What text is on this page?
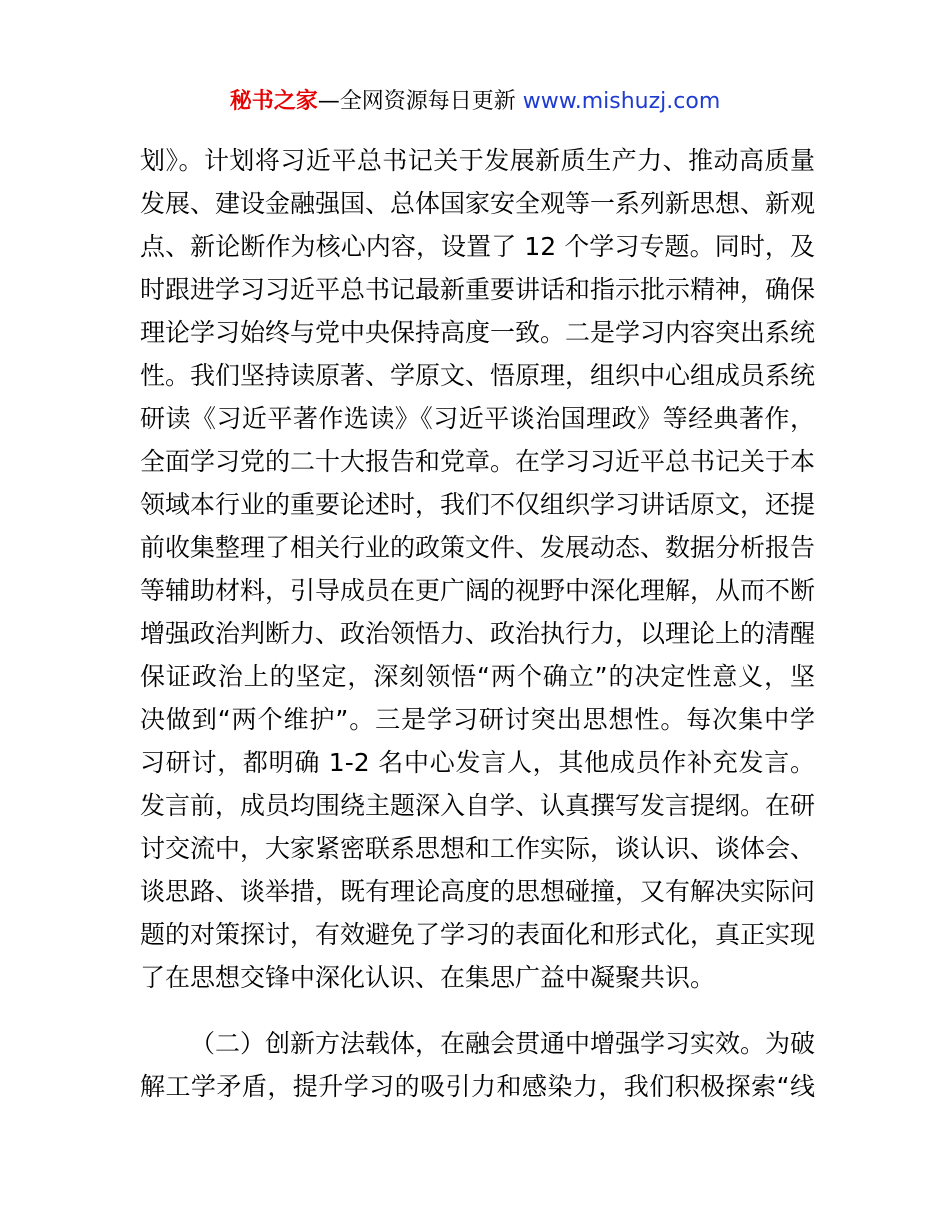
秘书之家—全网资源每日更新 www.mishuzj.com
划》。计划将习近平总书记关于发展新质生产力、推动高质量
发展、建设金融强国、总体国家安全观等一系列新思想、新观
点、新论断作为核心内容，设置了 12 个学习专题。同时，及
时跟进学习习近平总书记最新重要讲话和指示批示精神，确保
理论学习始终与党中央保持高度一致。二是学习内容突出系统
性。我们坚持读原著、学原文、悟原理，组织中心组成员系统
研读《习近平著作选读》《习近平谈治国理政》等经典著作，
全面学习党的二十大报告和党章。在学习习近平总书记关于本
领域本行业的重要论述时，我们不仅组织学习讲话原文，还提
前收集整理了相关行业的政策文件、发展动态、数据分析报告
等辅助材料，引导成员在更广阔的视野中深化理解，从而不断
增强政治判断力、政治领悟力、政治执行力，以理论上的清醒
保证政治上的坚定，深刻领悟“两个确立”的决定性意义，坚
决做到“两个维护”。三是学习研讨突出思想性。每次集中学
习研讨，都明确 1-2 名中心发言人，其他成员作补充发言。
发言前，成员均围绕主题深入自学、认真撰写发言提纲。在研
讨交流中，大家紧密联系思想和工作实际，谈认识、谈体会、
谈思路、谈举措，既有理论高度的思想碰撞，又有解决实际问
题的对策探讨，有效避免了学习的表面化和形式化，真正实现
了在思想交锋中深化认识、在集思广益中凝聚共识。
（二）创新方法载体，在融会贯通中增强学习实效。为破
解工学矛盾，提升学习的吸引力和感染力，我们积极探索“线
